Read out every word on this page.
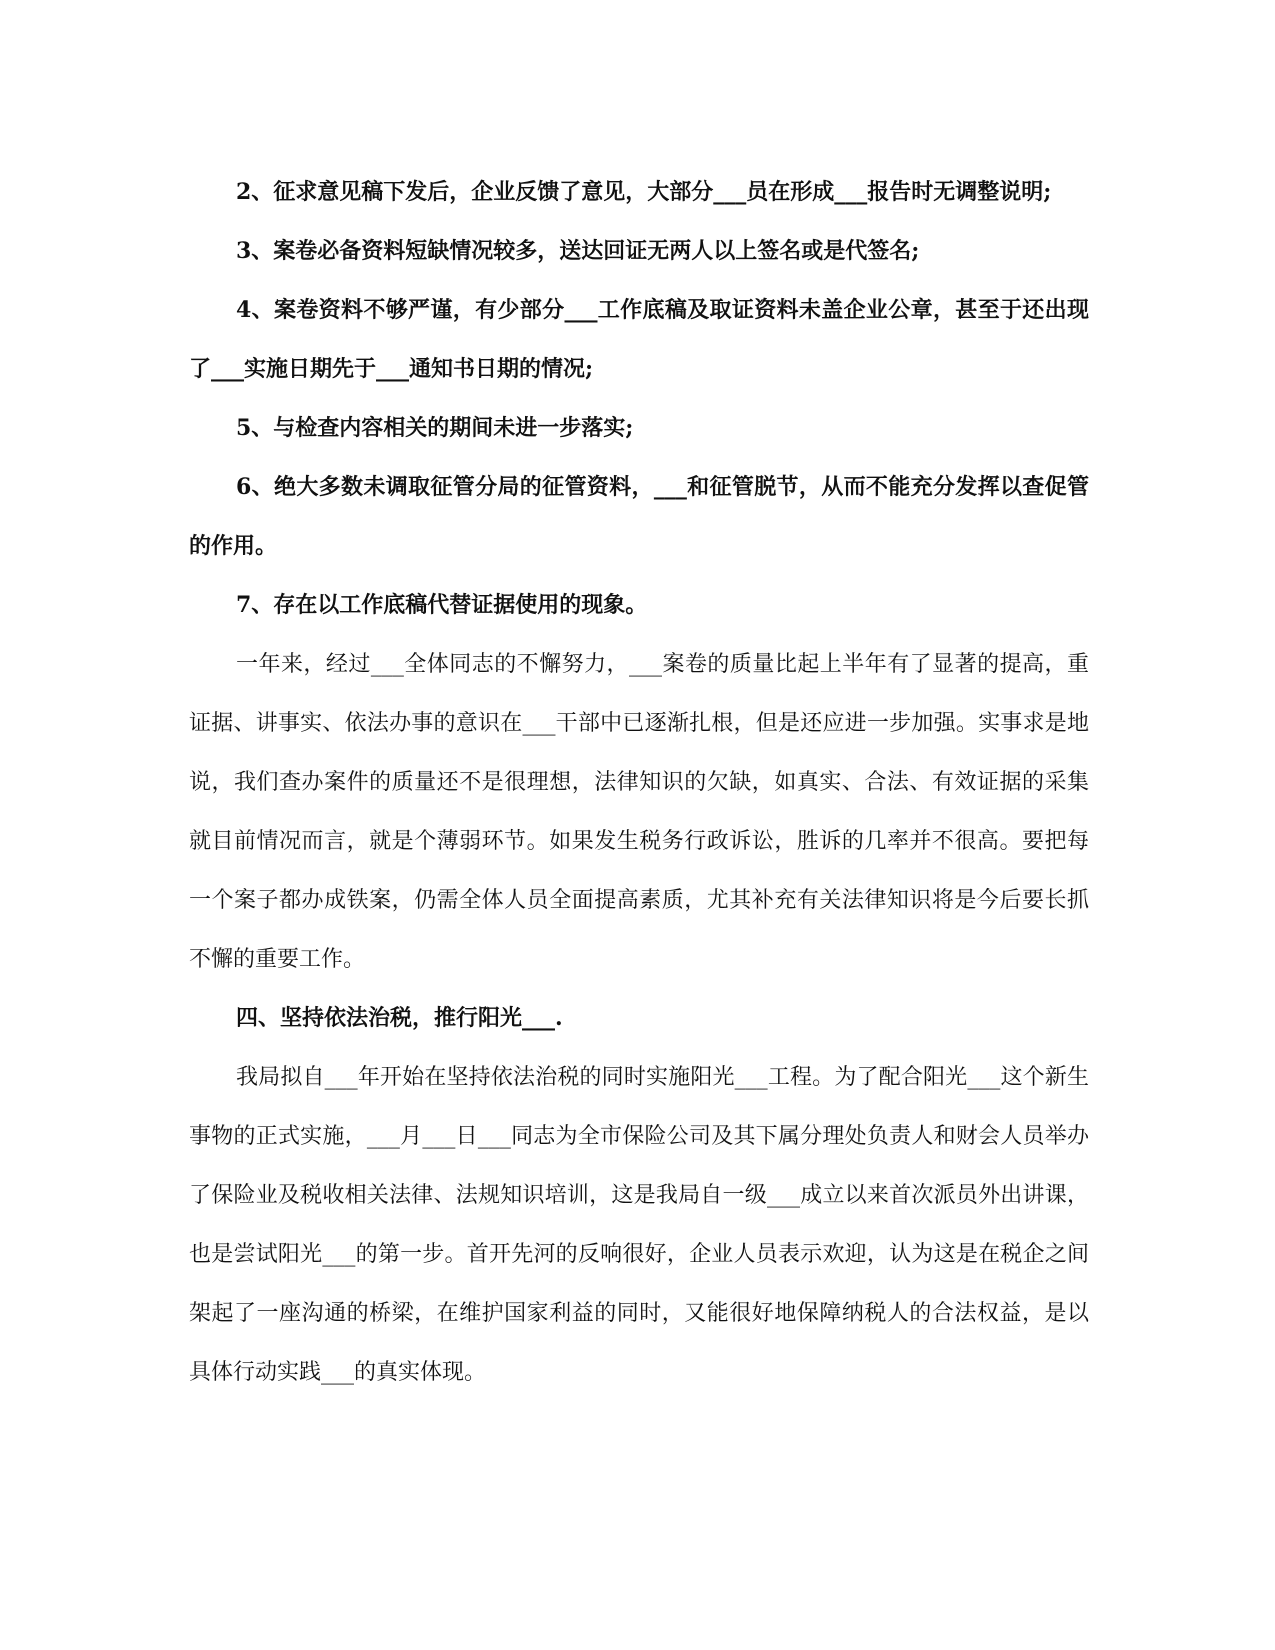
2、征求意见稿下发后，企业反馈了意见，大部分___员在形成___报告时无调整说明;

3、案卷必备资料短缺情况较多，送达回证无两人以上签名或是代签名;

4、案卷资料不够严谨，有少部分___工作底稿及取证资料未盖企业公章，甚至于还出现了___实施日期先于___通知书日期的情况;

5、与检查内容相关的期间未进一步落实;

6、绝大多数未调取征管分局的征管资料，___和征管脱节，从而不能充分发挥以查促管的作用。

7、存在以工作底稿代替证据使用的现象。

一年来，经过___全体同志的不懈努力，___案卷的质量比起上半年有了显著的提高，重证据、讲事实、依法办事的意识在___干部中已逐渐扎根，但是还应进一步加强。实事求是地说，我们查办案件的质量还不是很理想，法律知识的欠缺，如真实、合法、有效证据的采集就目前情况而言，就是个薄弱环节。如果发生税务行政诉讼，胜诉的几率并不很高。要把每一个案子都办成铁案，仍需全体人员全面提高素质，尤其补充有关法律知识将是今后要长抓不懈的重要工作。

四、坚持依法治税，推行阳光___.

我局拟自___年开始在坚持依法治税的同时实施阳光___工程。为了配合阳光___这个新生事物的正式实施，___月___日___同志为全市保险公司及其下属分理处负责人和财会人员举办了保险业及税收相关法律、法规知识培训，这是我局自一级___成立以来首次派员外出讲课，也是尝试阳光___的第一步。首开先河的反响很好，企业人员表示欢迎，认为这是在税企之间架起了一座沟通的桥梁，在维护国家利益的同时，又能很好地保障纳税人的合法权益，是以具体行动实践___的真实体现。
